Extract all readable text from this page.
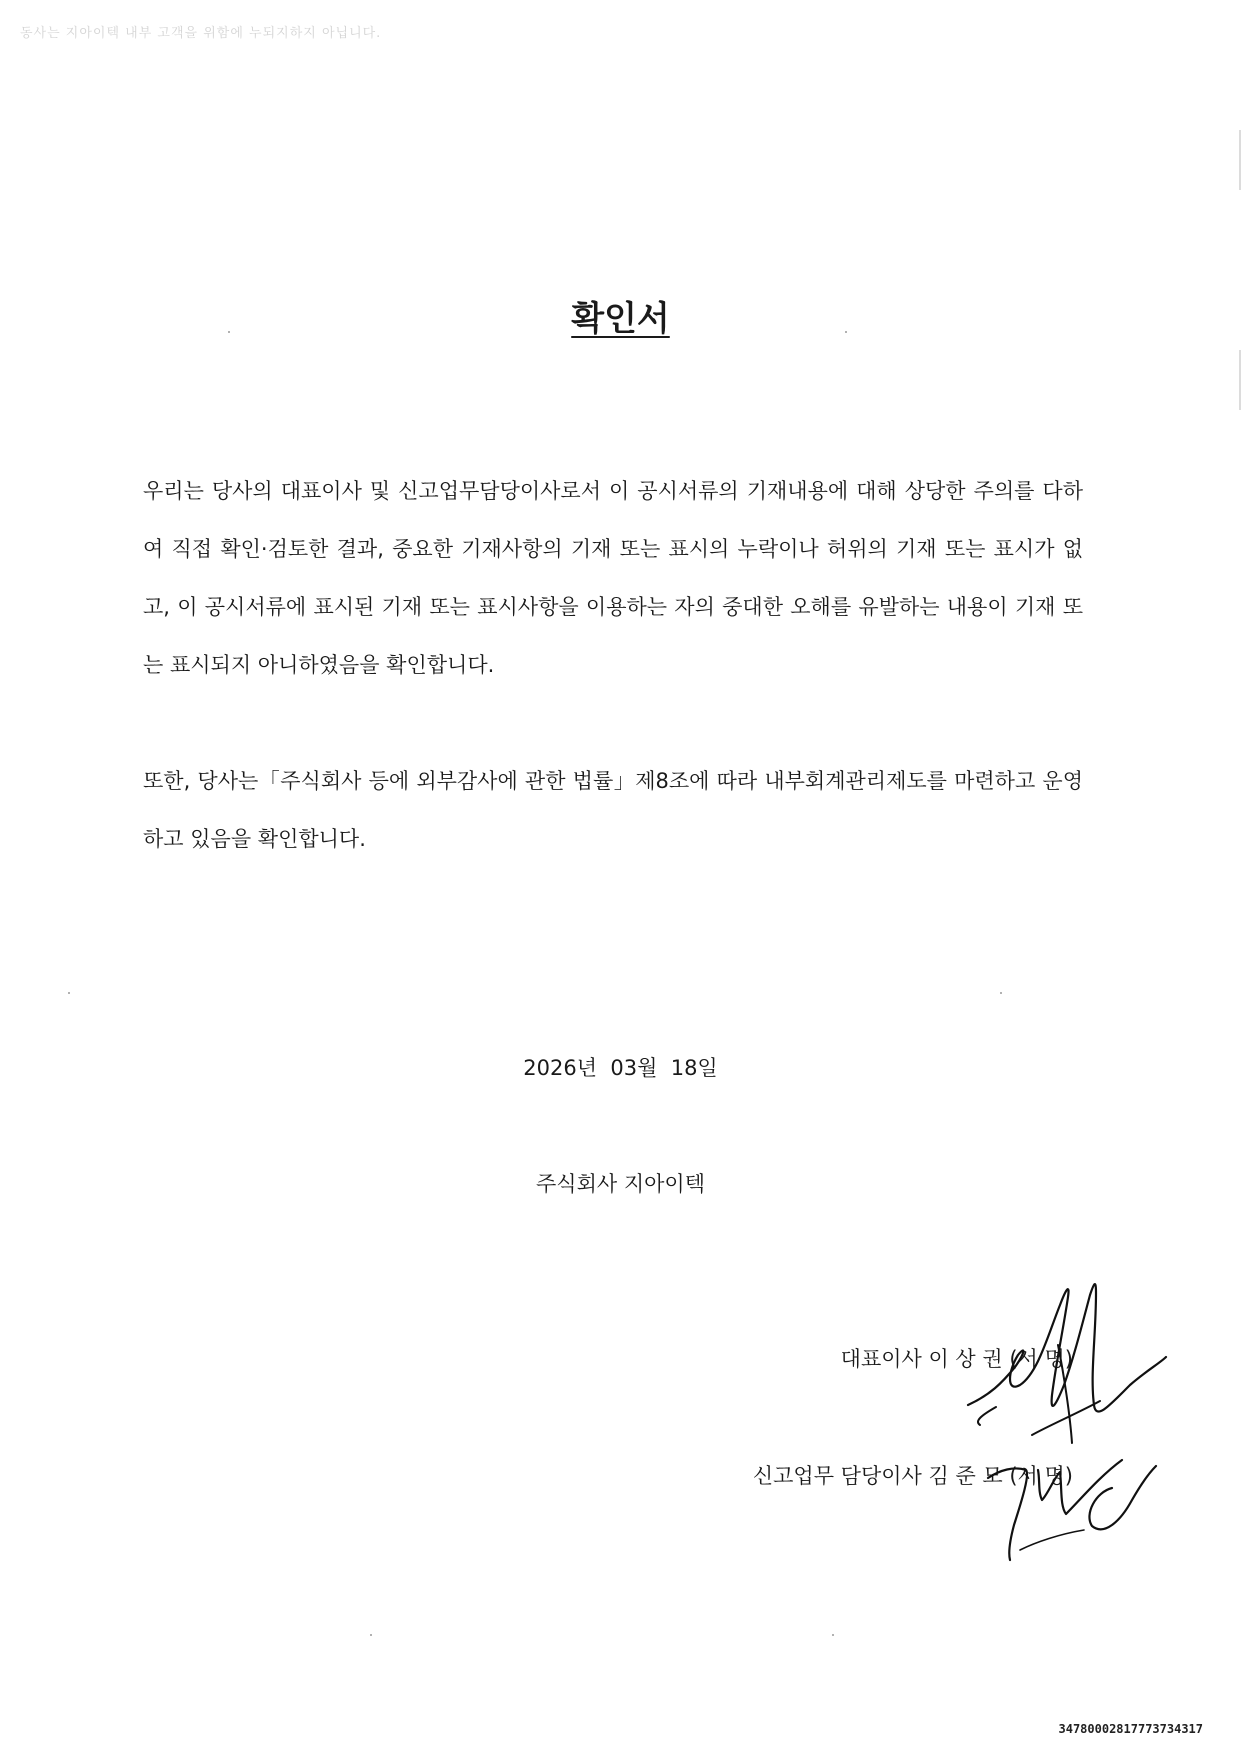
동사는 지아이텍 내부 고객을 위함에 누되지하지 아닙니다.
확인서

우리는 당사의 대표이사 및 신고업무담당이사로서 이 공시서류의 기재내용에 대해 상당한 주의를 다하여 직접 확인·검토한 결과, 중요한 기재사항의 기재 또는 표시의 누락이나 허위의 기재 또는 표시가 없고, 이 공시서류에 표시된 기재 또는 표시사항을 이용하는 자의 중대한 오해를 유발하는 내용이 기재 또는 표시되지 아니하였음을 확인합니다.

또한, 당사는「주식회사 등에 외부감사에 관한 법률」제8조에 따라 내부회계관리제도를 마련하고 운영하고 있음을 확인합니다.

2026년  03월  18일
주식회사 지아이텍
대표이사 이 상 권 (서 명)
신고업무 담당이사 김 준 모 (서 명)
34780002817773734317
